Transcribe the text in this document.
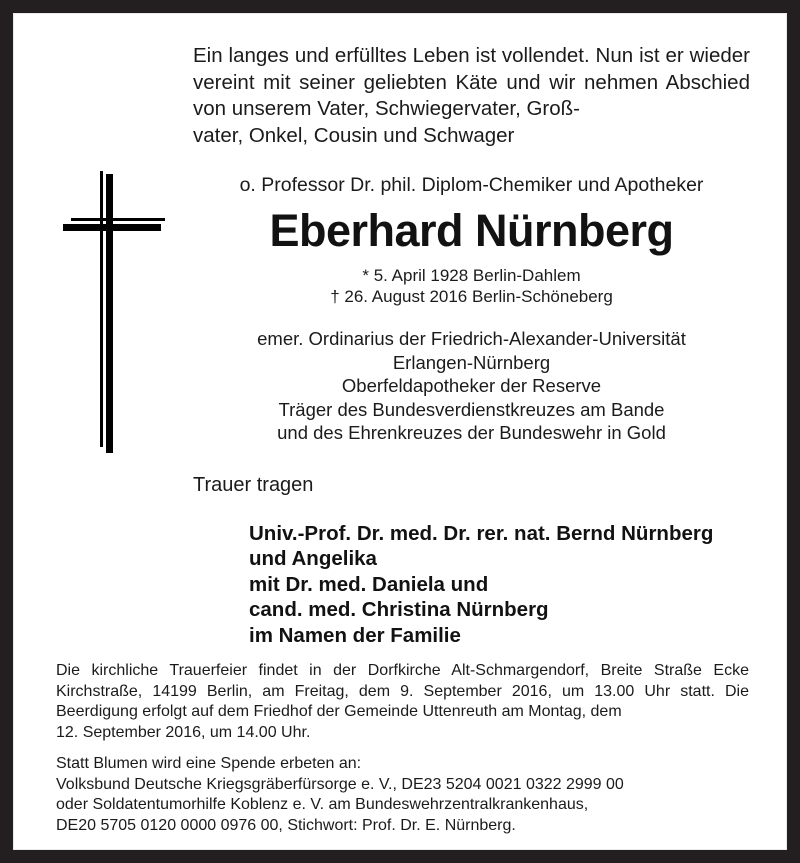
Ein langes und erfülltes Leben ist vollendet. Nun ist er wieder vereint mit seiner geliebten Käte und wir nehmen Abschied von unserem Vater, Schwiegervater, Groß-
vater, Onkel, Cousin und Schwager

o. Professor Dr. phil. Diplom-Chemiker und Apotheker

Eberhard Nürnberg

* 5. April 1928 Berlin-Dahlem
† 26. August 2016 Berlin-Schöneberg

emer. Ordinarius der Friedrich-Alexander-Universität
Erlangen-Nürnberg
Oberfeldapotheker der Reserve
Träger des Bundesverdienstkreuzes am Bande
und des Ehrenkreuzes der Bundeswehr in Gold

Trauer tragen

Univ.-Prof. Dr. med. Dr. rer. nat. Bernd Nürnberg
und Angelika
mit Dr. med. Daniela und
cand. med. Christina Nürnberg
im Namen der Familie

Die kirchliche Trauerfeier findet in der Dorfkirche Alt-Schmargendorf, Breite Straße Ecke Kirchstraße, 14199 Berlin, am Freitag, dem 9. September 2016, um 13.00 Uhr statt. Die Beerdigung erfolgt auf dem Friedhof der Gemeinde Uttenreuth am Montag, dem
12. September 2016, um 14.00 Uhr.

Statt Blumen wird eine Spende erbeten an:

Volksbund Deutsche Kriegsgräberfürsorge e. V., DE23 5204 0021 0322 2999 00
oder Soldatentumorhilfe Koblenz e. V. am Bundeswehrzentralkrankenhaus,
DE20 5705 0120 0000 0976 00, Stichwort: Prof. Dr. E. Nürnberg.
